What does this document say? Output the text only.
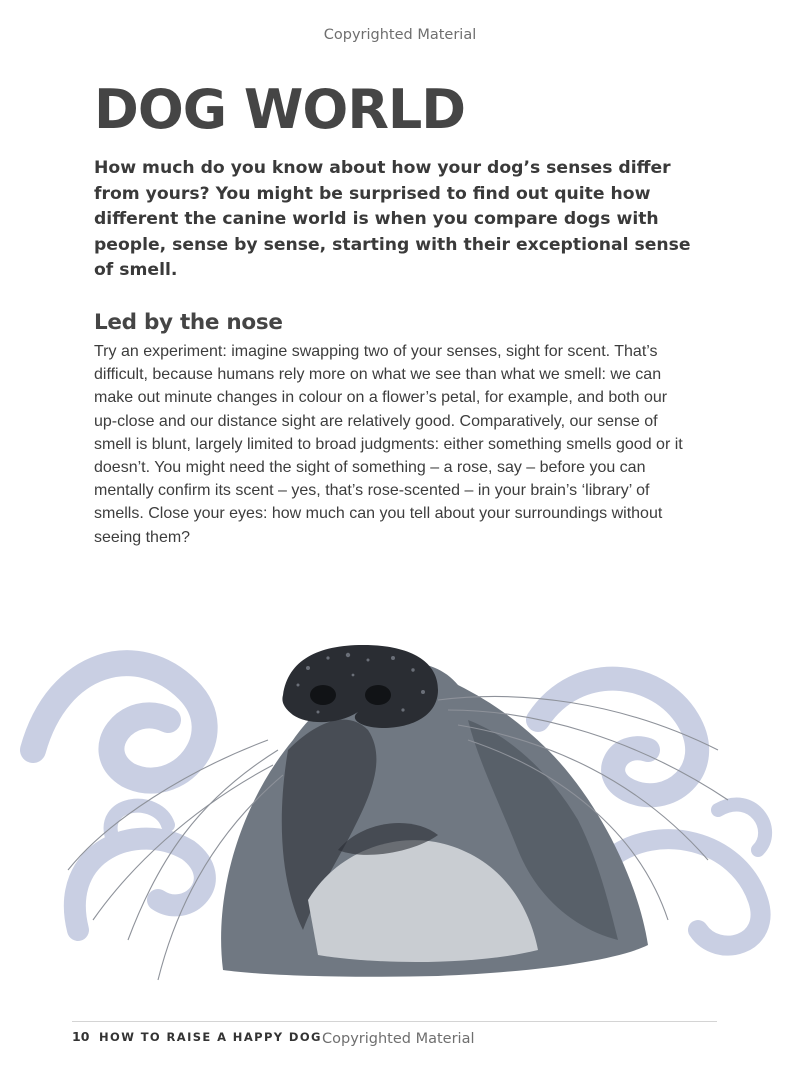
Copyrighted Material
DOG WORLD

How much do you know about how your dog’s senses differ from yours? You might be surprised to find out quite how different the canine world is when you compare dogs with people, sense by sense, starting with their exceptional sense of smell.

Led by the nose

Try an experiment: imagine swapping two of your senses, sight for scent. That’s difficult, because humans rely more on what we see than what we smell: we can make out minute changes in colour on a flower’s petal, for example, and both our up-close and our distance sight are relatively good. Comparatively, our sense of smell is blunt, largely limited to broad judgments: either something smells good or it doesn’t. You might need the sight of something – a rose, say – before you can mentally confirm its scent – yes, that’s rose-scented – in your brain’s ‘library’ of smells. Close your eyes: how much can you tell about your surroundings without seeing them?

10 HOW TO RAISE A HAPPY DOG Copyrighted Material
